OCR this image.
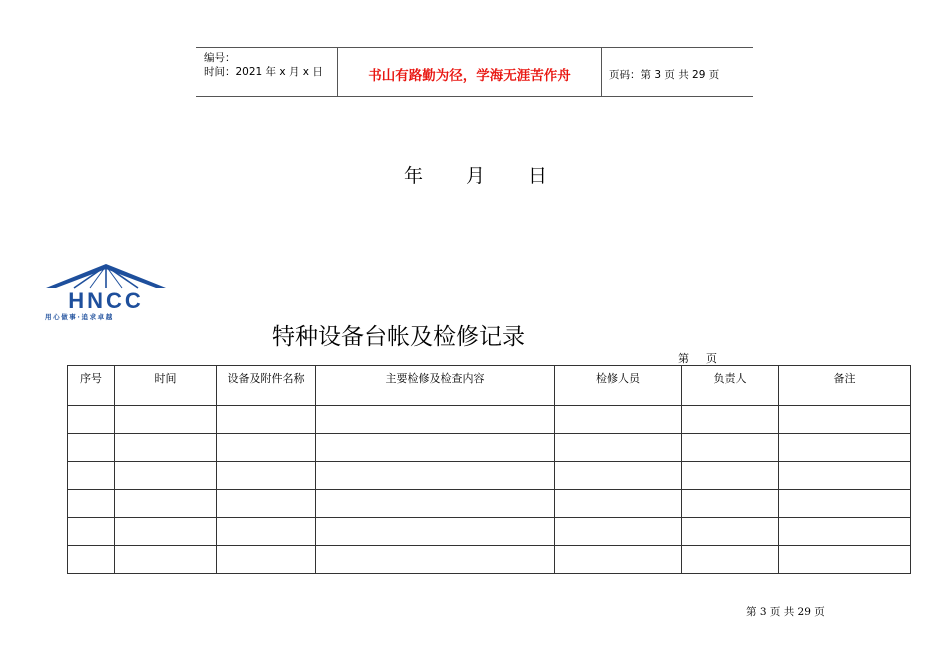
编号：
时间：2021 年 x 月 x 日	书山有路勤为径，学海无涯苦作舟	页码：第 3 页 共 29 页
年 月 日
HNCC
用心做事·追求卓越
特种设备台帐及检修记录
第 页
序号	时间	设备及附件名称	主要检修及检查内容	检修人员	负责人	备注

第 3 页 共 29 页
